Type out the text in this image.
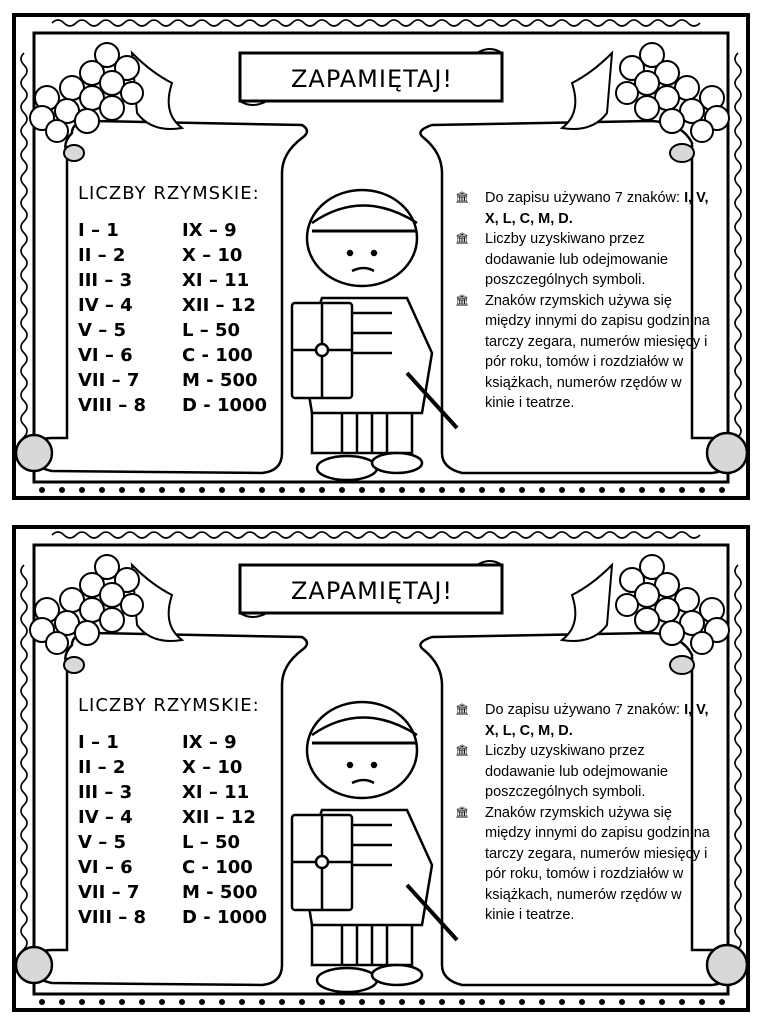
ZAPAMIĘTAJ!
LICZBY RZYMSKIE:
I – 1	IX – 9
II – 2	X – 10
III – 3	XI – 11
IV – 4	XII – 12
V – 5	L – 50
VI – 6	C - 100
VII – 7 M - 500
VIII – 8 D - 1000
🏛 Do zapisu używano 7 znaków: I, V, X, L, C, M, D.
🏛 Liczby uzyskiwano przez dodawanie lub odejmowanie poszczególnych symboli.
🏛 Znaków rzymskich używa się między innymi do zapisu godzin na tarczy zegara, numerów miesięcy i pór roku, tomów i rozdziałów w książkach, numerów rzędów w kinie i teatrze.
ZAPAMIĘTAJ!
LICZBY RZYMSKIE:
I – 1	IX – 9
II – 2	X – 10
III – 3	XI – 11
IV – 4	XII – 12
V – 5	L – 50
VI – 6	C - 100
VII – 7 M - 500
VIII – 8 D - 1000
🏛 Do zapisu używano 7 znaków: I, V, X, L, C, M, D.
🏛 Liczby uzyskiwano przez dodawanie lub odejmowanie poszczególnych symboli.
🏛 Znaków rzymskich używa się między innymi do zapisu godzin na tarczy zegara, numerów miesięcy i pór roku, tomów i rozdziałów w książkach, numerów rzędów w kinie i teatrze.
